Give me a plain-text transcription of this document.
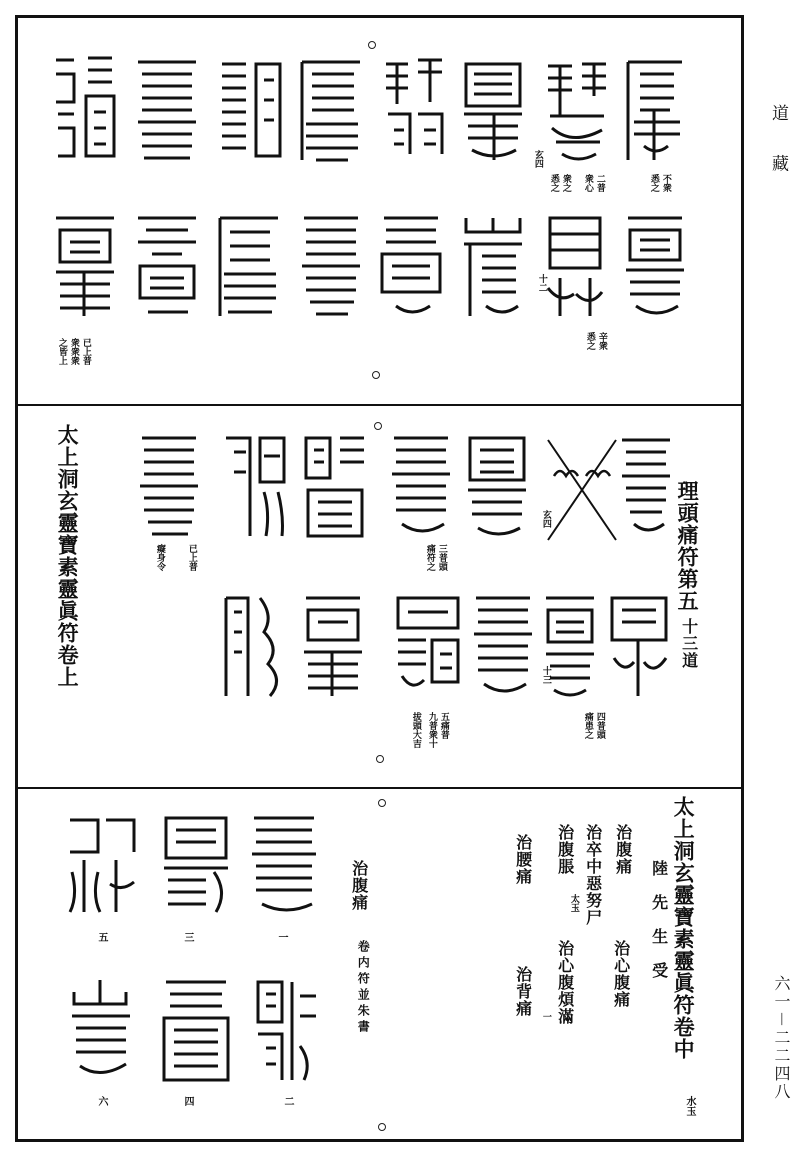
道 藏
六一－二二四八
不衆
悉之
二普
衆心
衆之
悉之
玄四
十二
辛衆
悉之
已上普
衆衆衆
之皆上
太上洞玄靈寶素靈眞符卷上	理頭痛符第五
十三道
玄四
三普頭
痛符之
已上普
癡身令
十三
四普頭
痛患之
五痛普
九普衆十
拔頭大吉
太上洞玄靈寶素靈眞符卷中
陸　先　生　受
治腹痛
治心腹痛
治卒中惡努尸
治腹脹
治心腹煩滿
治腰痛
治背痛
太玉
一
水玉
治腹痛
卷内符並朱書
一
二
三
四
五
六
